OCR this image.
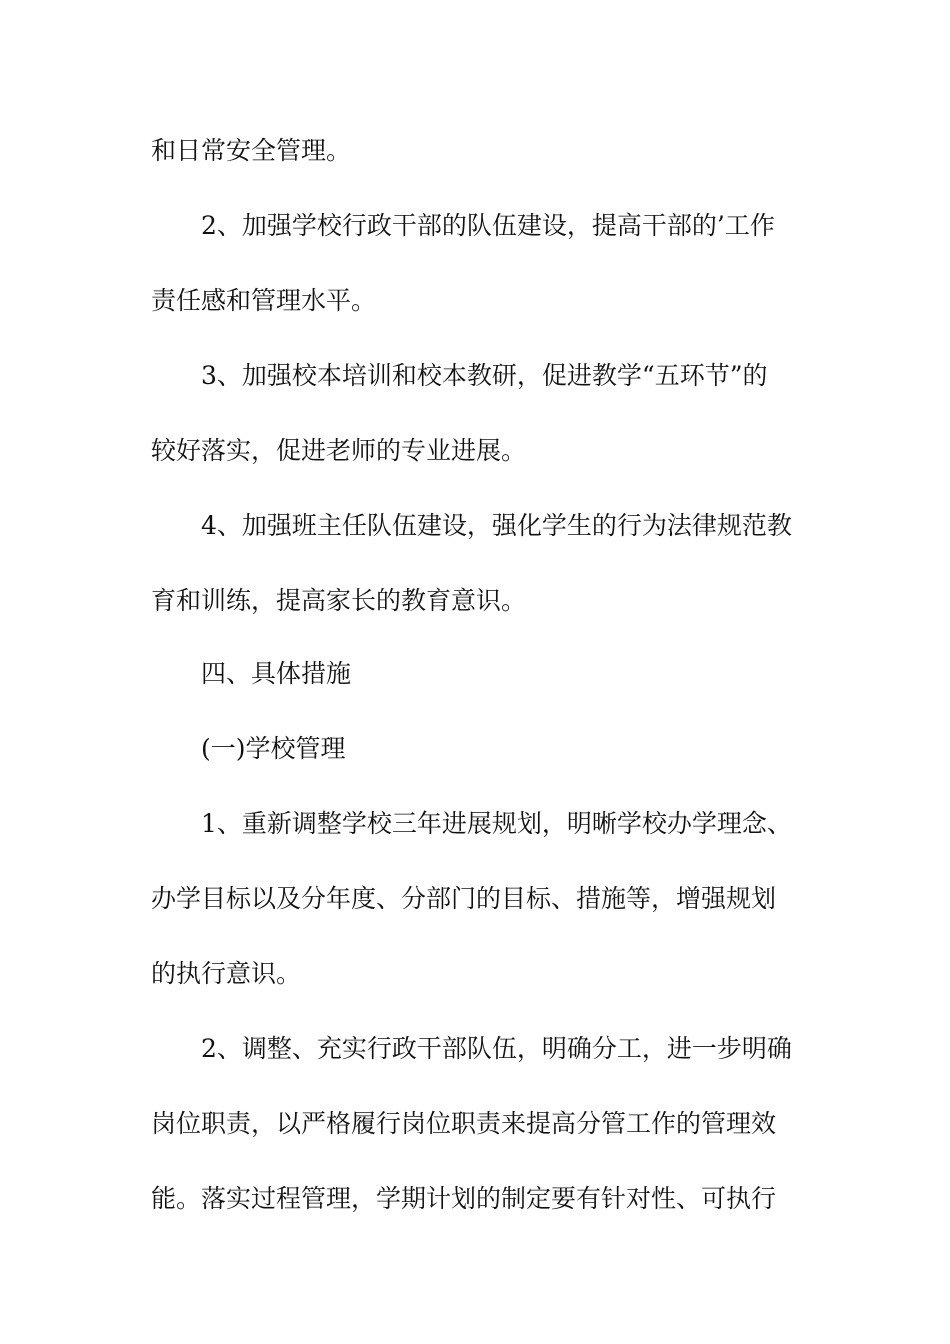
和日常安全管理。
2、加强学校行政干部的队伍建设，提高干部的’工作
责任感和管理水平。
3、加强校本培训和校本教研，促进教学“五环节”的
较好落实，促进老师的专业进展。
4、加强班主任队伍建设，强化学生的行为法律规范教
育和训练，提高家长的教育意识。
四、具体措施
(一)学校管理
1、重新调整学校三年进展规划，明晰学校办学理念、
办学目标以及分年度、分部门的目标、措施等，增强规划
的执行意识。
2、调整、充实行政干部队伍，明确分工，进一步明确
岗位职责，以严格履行岗位职责来提高分管工作的管理效
能。落实过程管理，学期计划的制定要有针对性、可执行
